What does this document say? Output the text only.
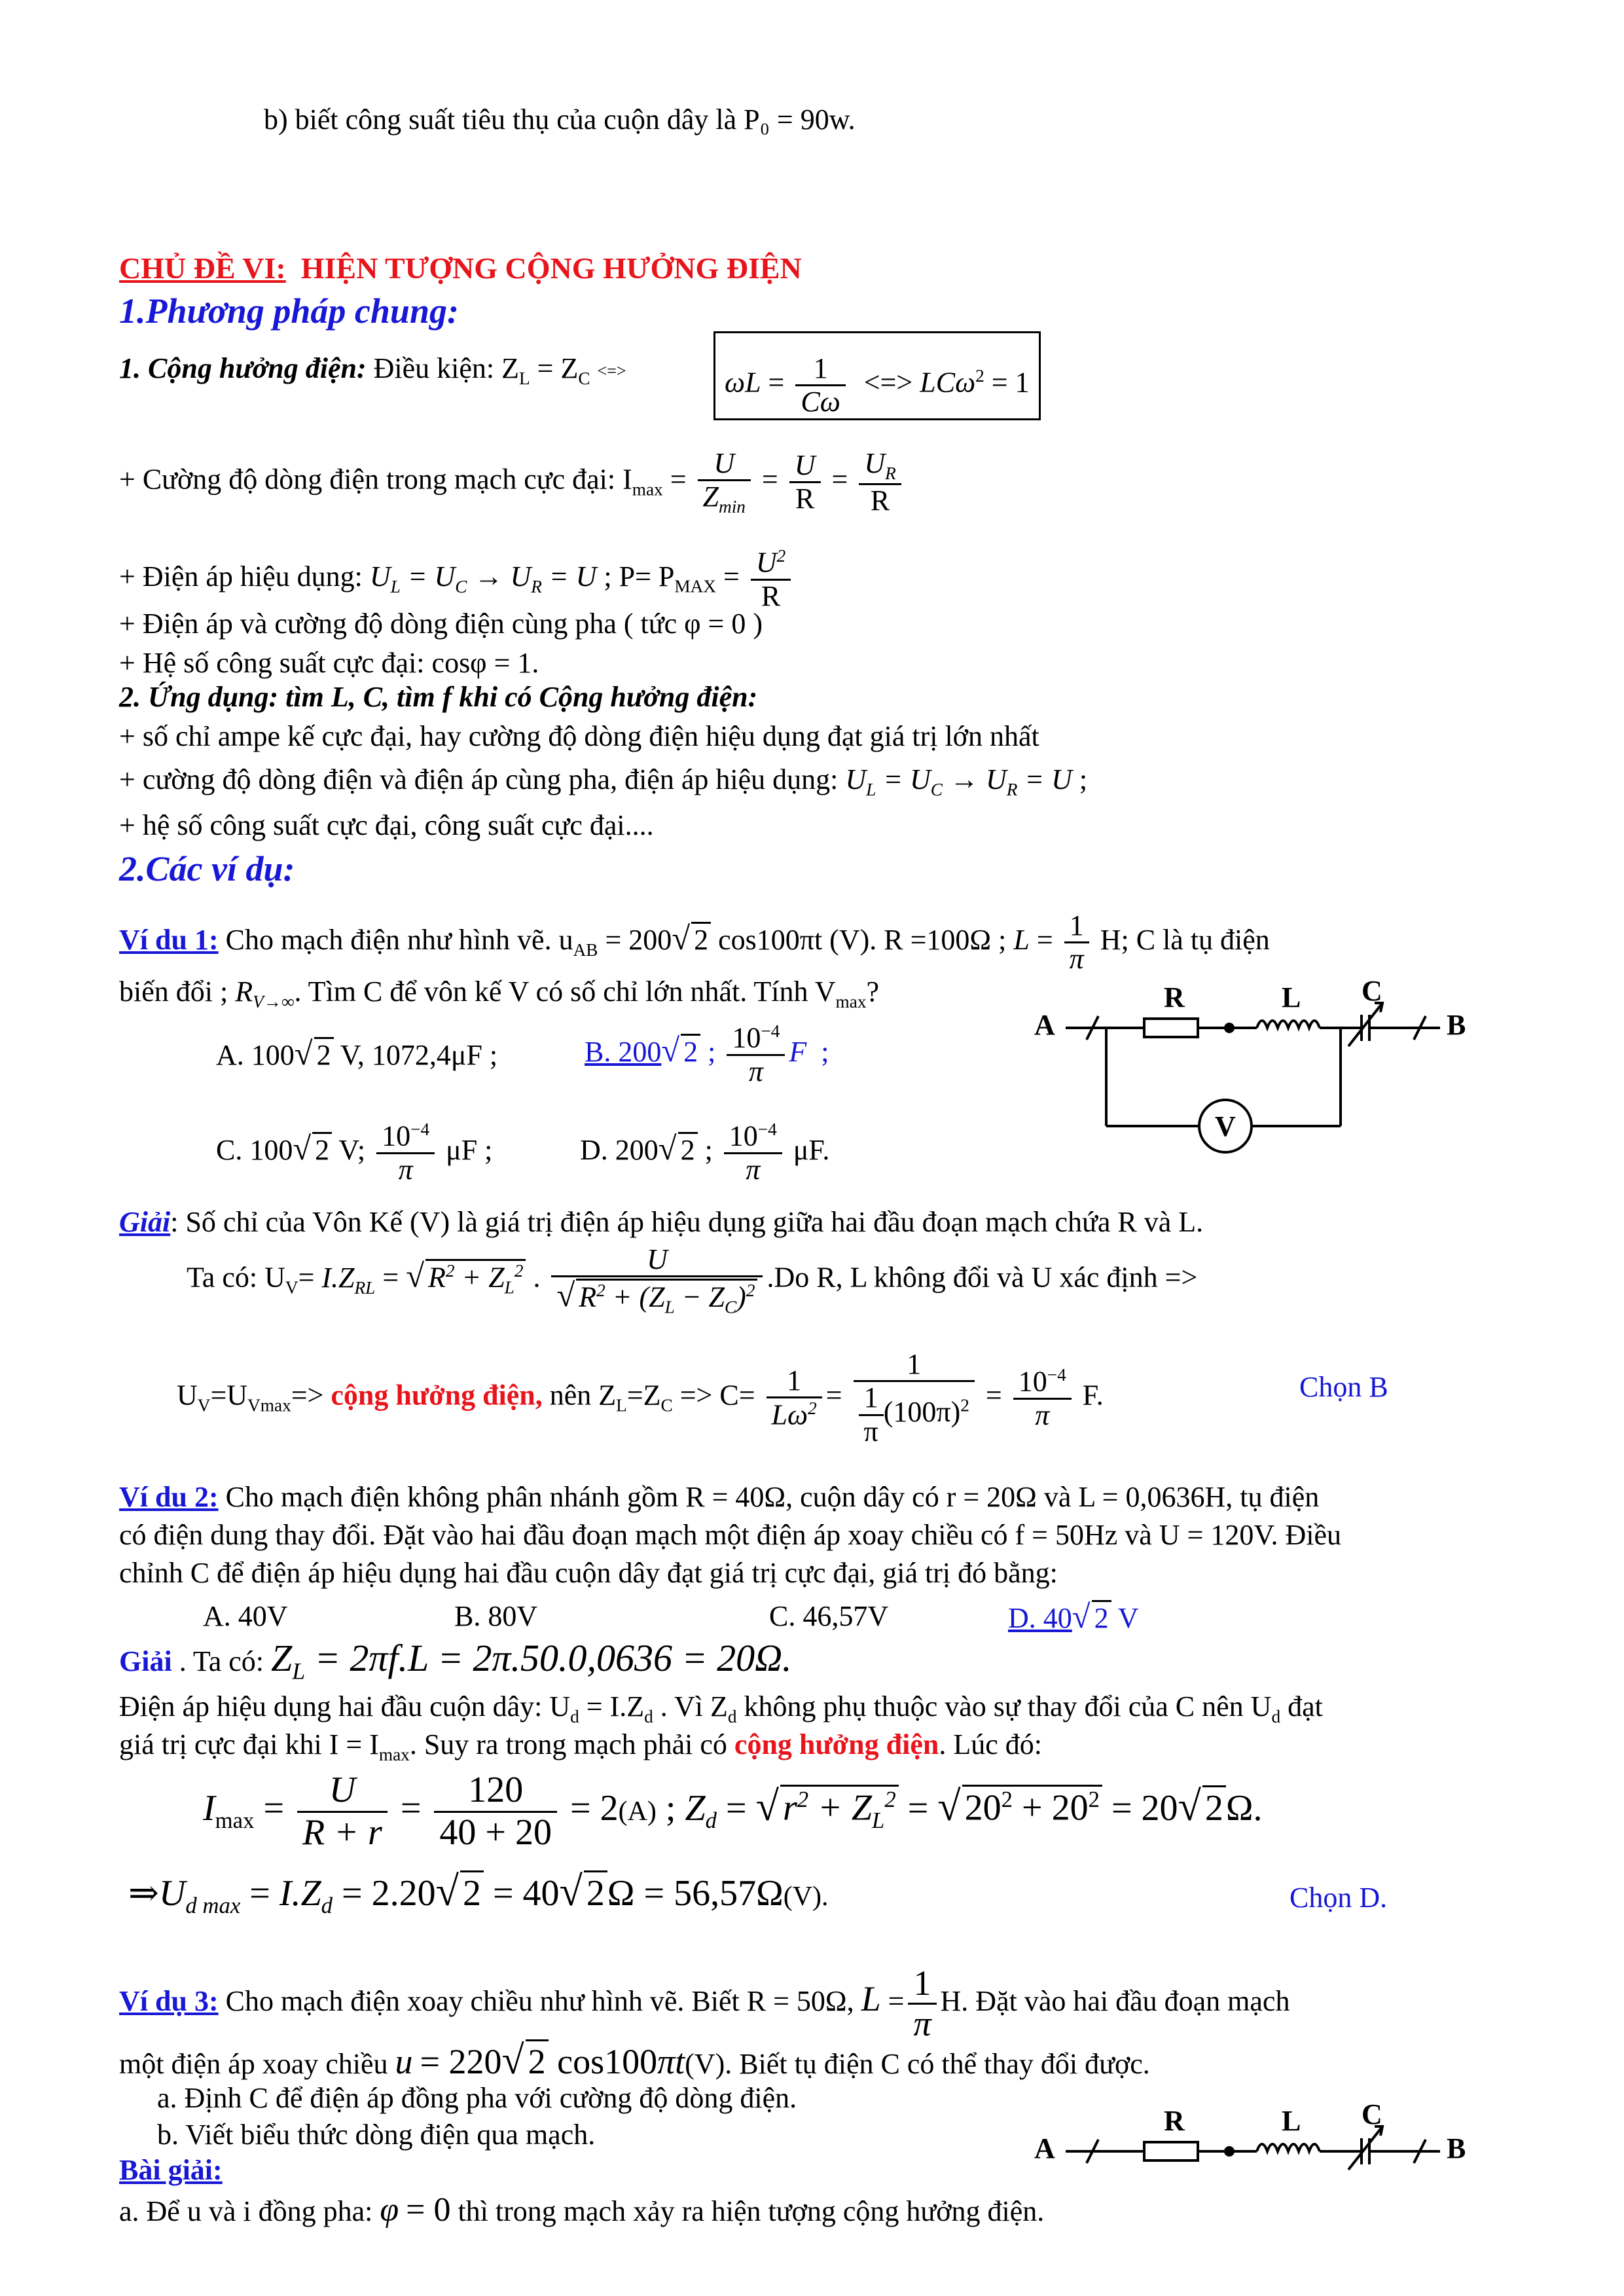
b) biết công suất tiêu thụ của cuộn dây là P₀ = 90w.
CHỦ ĐỀ VI: HIỆN TƯỢNG CỘNG HƯỞNG ĐIỆN
1.Phương pháp chung:
1. Cộng hưởng điện: Điều kiện: $Z_L = Z_C$ <=>	$\omega L = \frac{1}{C\omega}$ <=> LCω$^2$ = 1
+ Cường độ dòng điện trong mạch cực đại: $I_{max} = \frac{U}{Z_{min}} = \frac{U}{R} = \frac{U_R}{R}$
+ Điện áp hiệu dụng: $U_L = U_C \to U_R = U$ ; $P= P_{MAX} = \frac{U^2}{R}$
+ Điện áp và cường độ dòng điện cùng pha ( tức φ = 0 )
+ Hệ số công suất cực đại: cosφ = 1.
2. Ứng dụng: tìm L, C, tìm f khi có Cộng hưởng điện:
+ số chỉ ampe kế cực đại, hay cường độ dòng điện hiệu dụng đạt giá trị lớn nhất
+ cường độ dòng điện và điện áp cùng pha, điện áp hiệu dụng: $U_L = U_C \to U_R = U$ ;
+ hệ số công suất cực đại, công suất cực đại....
2.Các ví dụ:
Ví du 1: Cho mạch điện như hình vẽ. $u_{AB} = 200√$ 2 cos100πt (V). R =100Ω ; $L = \frac{1}{\pi} H$; C là tụ điện
biến đổi ; $R_{V\to\infty}$. Tìm C để vôn kế V có số chỉ lớn nhất. Tính $V_{max}$?
A. 100√ 2 V, 1072,4μF ;	B. 200√ 2 ; $\frac{10^{-4}}{\pi}$ F  ;
C. 100√ 2 V; $\frac{10^{-4}}{\pi}$ μF ;	D. 200√ 2 ; $\frac{10^{-4}}{\pi} \mu F$.
Giải: Số chỉ của Vôn Kế (V) là giá trị điện áp hiệu dụng giữa hai đầu đoạn mạch chứa R và L.
Ta có: $U_V= I.Z_{RL}$ = √ $R^2 + Z_L^2$ . $\frac{U}{√ R^2 + (Z_L - Z_C)^2} .Do$ R, L không đổi và U xác định =>
$U_V=U_{Vmax}=>$ cộng hưởng điện, nên $Z_L=Z_C => C= \frac{1}{L\omega^2} = \frac{1}{\frac{1}{\pi} (100\pi)^2} = \frac{10^{-4}}{\pi} F$.	Chọn B
Ví du 2: Cho mạch điện không phân nhánh gồm R = 40Ω, cuộn dây có r = 20Ω và L = 0,0636H, tụ điện
có điện dung thay đổi. Đặt vào hai đầu đoạn mạch một điện áp xoay chiều có f = 50Hz và U = 120V. Điều
chỉnh C để điện áp hiệu dụng hai đầu cuộn dây đạt giá trị cực đại, giá trị đó bằng:
A. 40V	B. 80V	C. 46,57V	D. 40√ 2 V
Giải . Ta có: $Z_L = 2\pi f.L = 2\pi.50.0,0636 = 20\Omega$.
Điện áp hiệu dụng hai đầu cuộn dây: $U_d = I.Z_d$ . Vì $Z_d$ không phụ thuộc vào sự thay đổi của C nên $U_d$ đạt
giá trị cực đại khi $I = I_{max}$. Suy ra trong mạch phải có cộng hưởng điện. Lúc đó:
$I_{max} = \frac{U}{R + r} = \frac{120}{40 + 20} = 2(A)$ ; $Z_d$ = √ $r^2 + Z_L^2$ = √ $20^2 + 20^2 = 20√$ 2Ω.
$\Rightarrow U_{d max} = I.Z_d = 2.20√$ 2 = 40√ 2Ω = 56,57Ω(V).	Chọn D.
Ví dụ 3: Cho mạch điện xoay chiều như hình vẽ. Biết R = 50Ω, $L = \frac{1}{\pi} H$. Đặt vào hai đầu đoạn mạch
một điện áp xoay chiều u = 220√ 2 cos100πt(V). Biết tụ điện C có thể thay đổi được.
a. Định C để điện áp đồng pha với cường độ dòng điện.
b. Viết biểu thức dòng điện qua mạch.
Bài giải:
a. Để u và i đồng pha: φ = 0 thì trong mạch xảy ra hiện tượng cộng hưởng điện.
A
R	L C
B
V
A
R	L C
B
